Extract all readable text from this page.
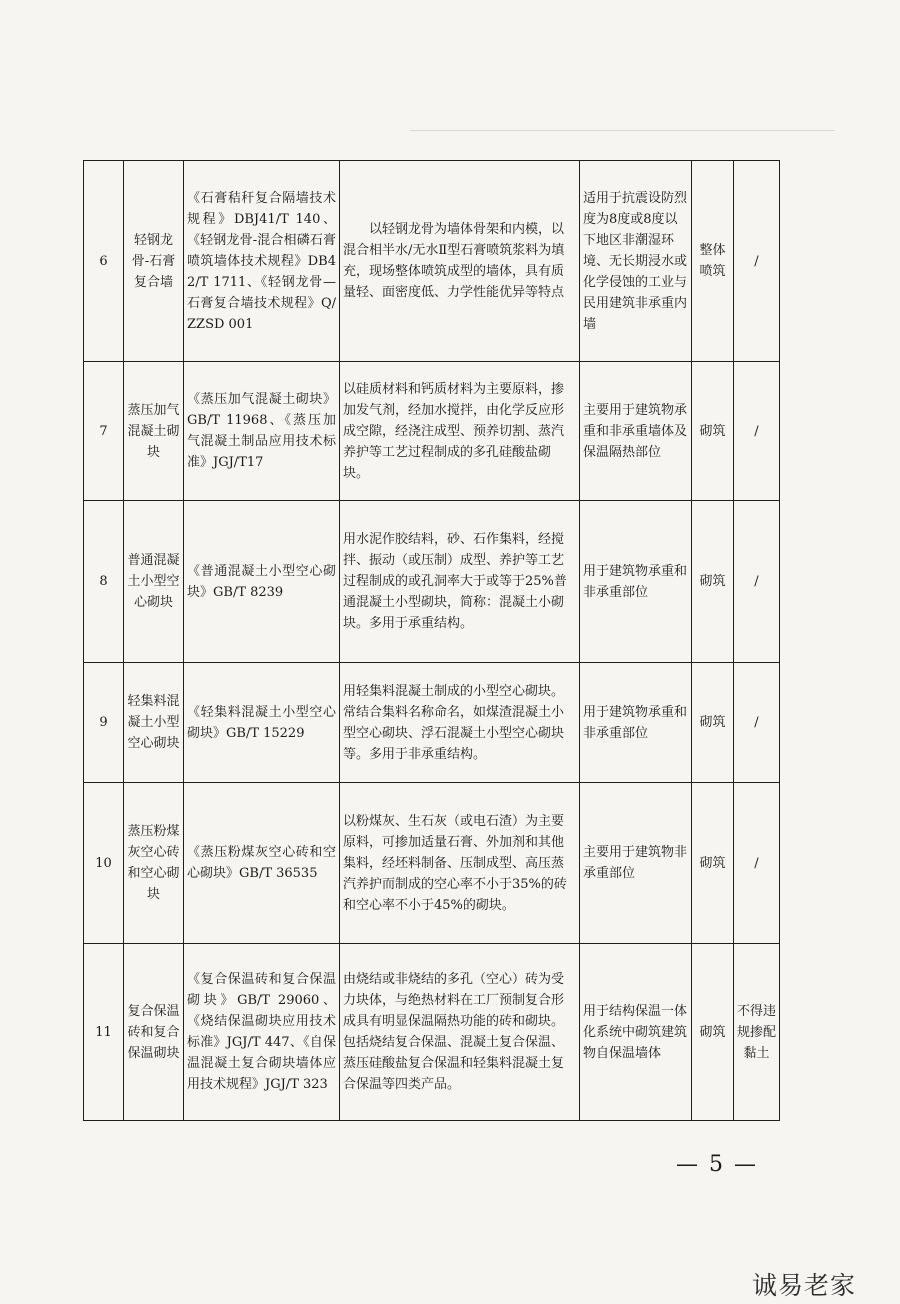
6	轻钢龙骨-石膏复合墙	《石膏秸秆复合隔墙技术规程》DBJ41/T 140、《轻钢龙骨-混合相磷石膏喷筑墙体技术规程》DB42/T 1711、《轻钢龙骨—石膏复合墙技术规程》Q/ZZSD 001	以轻钢龙骨为墙体骨架和内模，以混合相半水/无水Ⅱ型石膏喷筑浆料为填充，现场整体喷筑成型的墙体，具有质量轻、面密度低、力学性能优异等特点	适用于抗震设防烈度为8度或8度以下地区非潮湿环境、无长期浸水或化学侵蚀的工业与民用建筑非承重内墙	整体喷筑	/
7	蒸压加气混凝土砌块	《蒸压加气混凝土砌块》GB/T 11968、《蒸压加气混凝土制品应用技术标准》JGJ/T17	以硅质材料和钙质材料为主要原料，掺加发气剂，经加水搅拌，由化学反应形成空隙，经浇注成型、预养切割、蒸汽养护等工艺过程制成的多孔硅酸盐砌块。	主要用于建筑物承重和非承重墙体及保温隔热部位	砌筑	/
8	普通混凝土小型空心砌块	《普通混凝土小型空心砌块》GB/T 8239	用水泥作胶结料，砂、石作集料，经搅拌、振动（或压制）成型、养护等工艺过程制成的或孔洞率大于或等于25%普通混凝土小型砌块，简称：混凝土小砌块。多用于承重结构。	用于建筑物承重和非承重部位	砌筑	/
9	轻集料混凝土小型空心砌块	《轻集料混凝土小型空心砌块》GB/T 15229	用轻集料混凝土制成的小型空心砌块。常结合集料名称命名，如煤渣混凝土小型空心砌块、浮石混凝土小型空心砌块等。多用于非承重结构。	用于建筑物承重和非承重部位	砌筑	/
10	蒸压粉煤灰空心砖和空心砌块	《蒸压粉煤灰空心砖和空心砌块》GB/T 36535	以粉煤灰、生石灰（或电石渣）为主要原料，可掺加适量石膏、外加剂和其他集料，经坯料制备、压制成型、高压蒸汽养护而制成的空心率不小于35%的砖和空心率不小于45%的砌块。	主要用于建筑物非承重部位	砌筑	/
11	复合保温砖和复合保温砌块	《复合保温砖和复合保温砌块》GB/T 29060、《烧结保温砌块应用技术标准》JGJ/T 447、《自保温混凝土复合砌块墙体应用技术规程》JGJ/T 323	由烧结或非烧结的多孔（空心）砖为受力块体，与绝热材料在工厂预制复合形成具有明显保温隔热功能的砖和砌块。包括烧结复合保温、混凝土复合保温、蒸压硅酸盐复合保温和轻集料混凝土复合保温等四类产品。	用于结构保温一体化系统中砌筑建筑物自保温墙体	砌筑	不得违规掺配黏土
— 5 —
诚易老家
